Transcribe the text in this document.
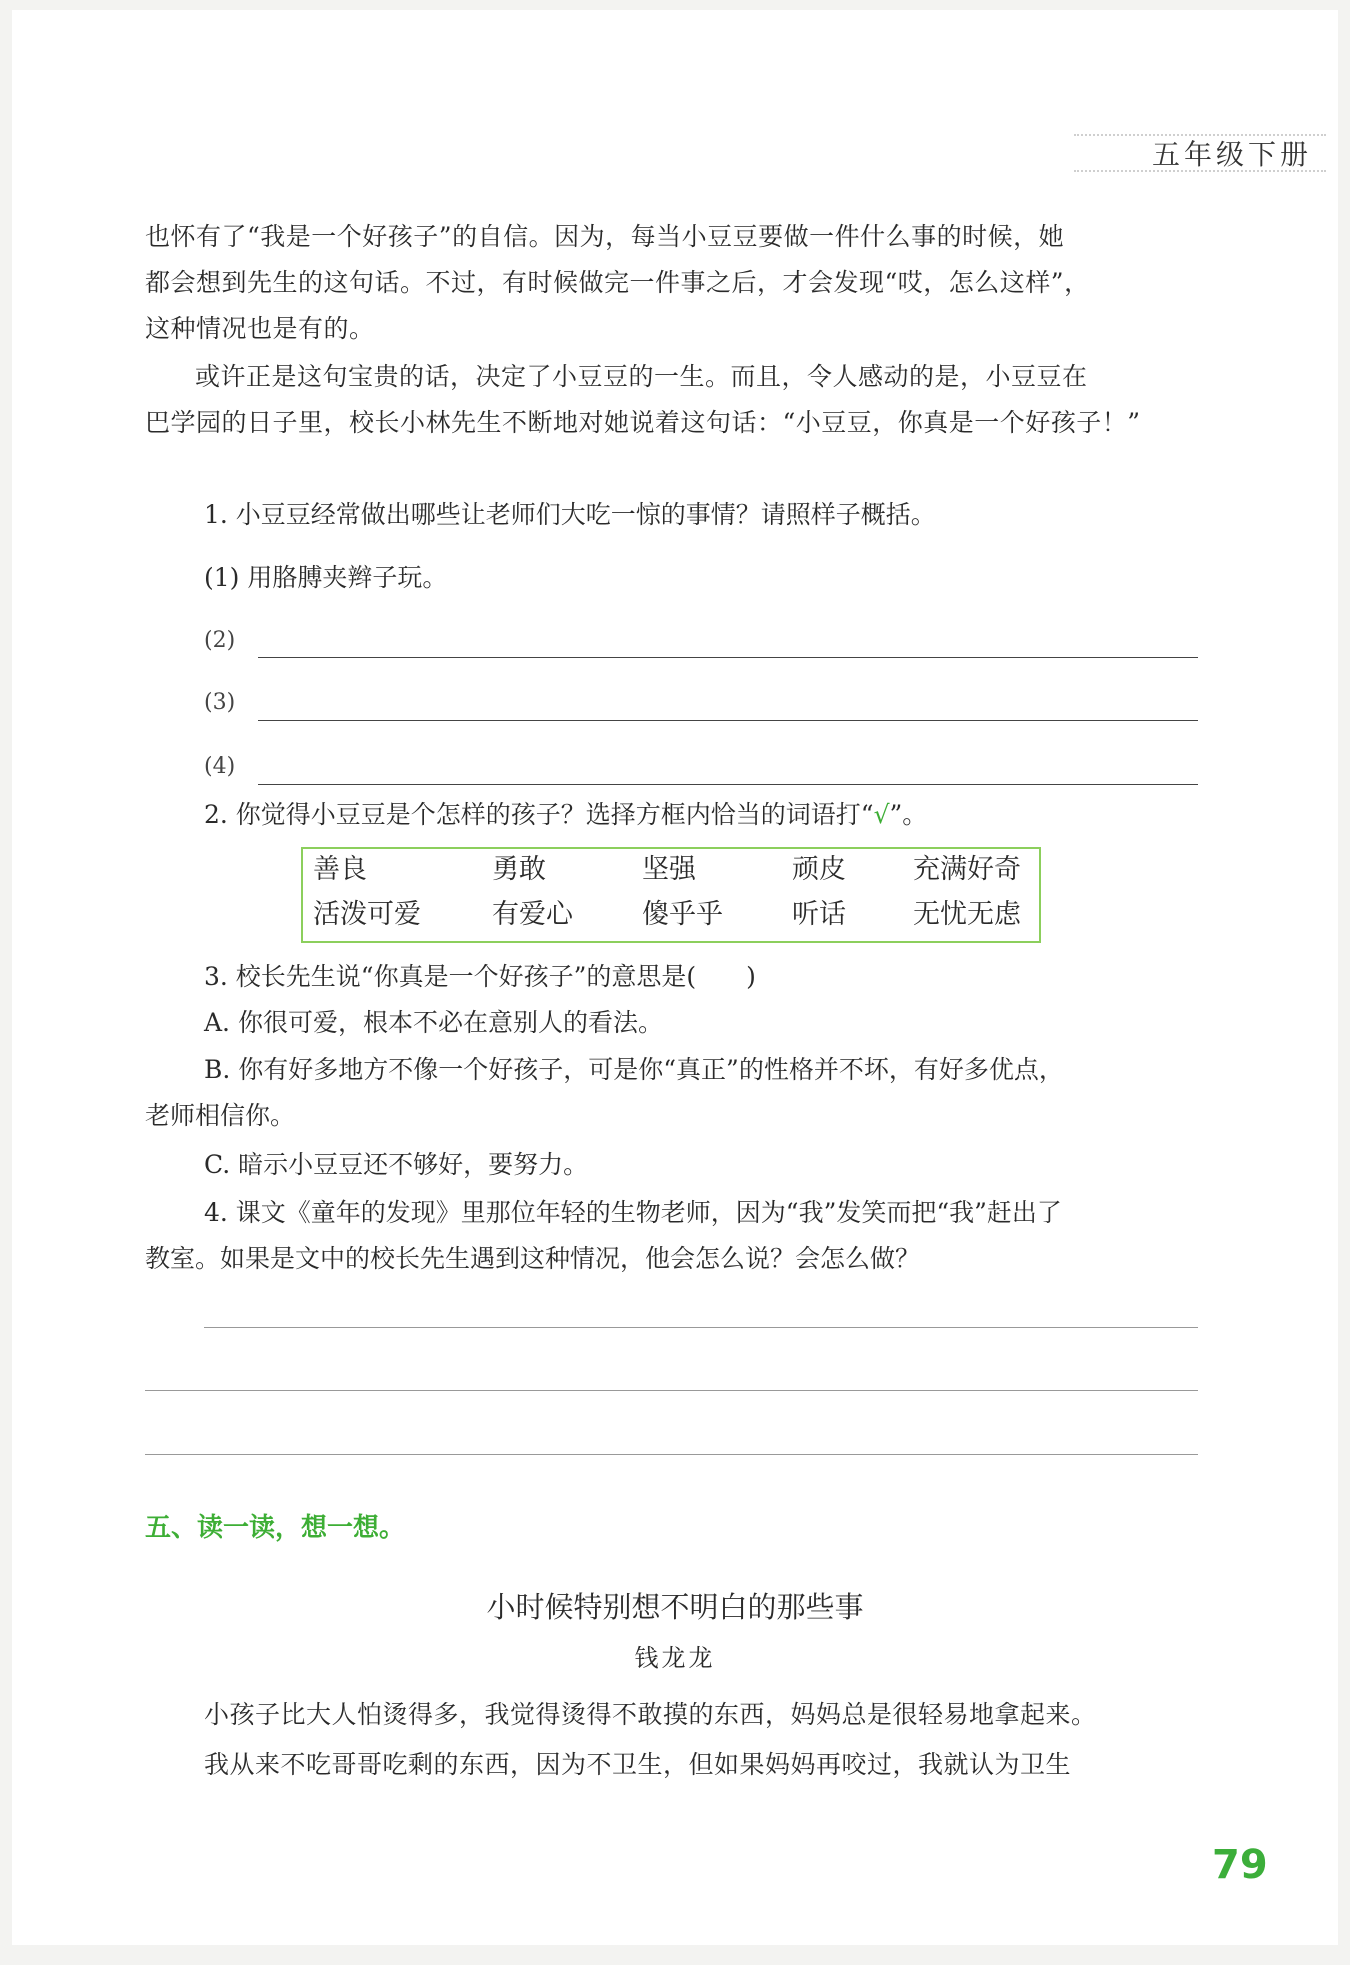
五年级下册
也怀有了“我是一个好孩子”的自信。因为，每当小豆豆要做一件什么事的时候，她
都会想到先生的这句话。不过，有时候做完一件事之后，才会发现“哎，怎么这样”，
这种情况也是有的。
或许正是这句宝贵的话，决定了小豆豆的一生。而且，令人感动的是，小豆豆在
巴学园的日子里，校长小林先生不断地对她说着这句话：“小豆豆，你真是一个好孩子！”
1. 小豆豆经常做出哪些让老师们大吃一惊的事情？请照样子概括。
(1) 用胳膊夹辫子玩。
(2)
(3)
(4)
2. 你觉得小豆豆是个怎样的孩子？选择方框内恰当的词语打“√”。
善良	勇敢	坚强	顽皮 充满好奇
活泼可爱	有爱心	傻乎乎	听话 无忧无虑
3. 校长先生说“你真是一个好孩子”的意思是(　　)
A. 你很可爱，根本不必在意别人的看法。
B. 你有好多地方不像一个好孩子，可是你“真正”的性格并不坏，有好多优点，
老师相信你。
C. 暗示小豆豆还不够好，要努力。
4. 课文《童年的发现》里那位年轻的生物老师，因为“我”发笑而把“我”赶出了
教室。如果是文中的校长先生遇到这种情况，他会怎么说？会怎么做？
五、读一读，想一想。
小时候特别想不明白的那些事
钱龙龙
小孩子比大人怕烫得多，我觉得烫得不敢摸的东西，妈妈总是很轻易地拿起来。
我从来不吃哥哥吃剩的东西，因为不卫生，但如果妈妈再咬过，我就认为卫生
79
